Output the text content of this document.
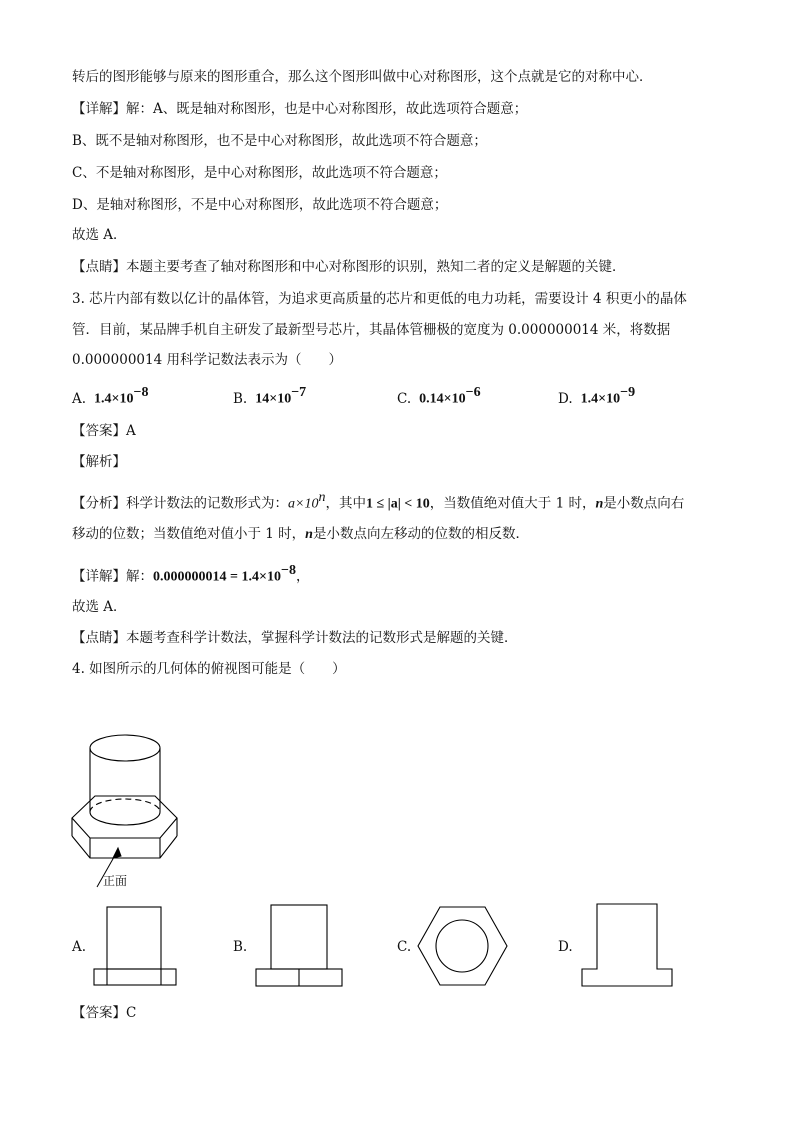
转后的图形能够与原来的图形重合，那么这个图形叫做中心对称图形，这个点就是它的对称中心．
【详解】解：A、既是轴对称图形，也是中心对称图形，故此选项符合题意；
B、既不是轴对称图形，也不是中心对称图形，故此选项不符合题意；
C、不是轴对称图形，是中心对称图形，故此选项不符合题意；
D、是轴对称图形，不是中心对称图形，故此选项不符合题意；
故选 A．
【点睛】本题主要考查了轴对称图形和中心对称图形的识别，熟知二者的定义是解题的关键．
3. 芯片内部有数以亿计的晶体管，为追求更高质量的芯片和更低的电力功耗，需要设计 4 积更小的晶体
管．目前，某品牌手机自主研发了最新型号芯片，其晶体管栅极的宽度为 0.000000014 米，将数据
0.000000014 用科学记数法表示为（　　）
A. $1.4\times 10^{-8}$	B. $14\times 10^{-7}$	C. $0.14\times 10^{-6}$	D. $1.4\times 10^{-9}$
【答案】A
【解析】
【分析】科学计数法的记数形式为：$a\times 10^n$，其中1 ≤ |a| < 10，当数值绝对值大于 1 时，n是小数点向右
移动的位数；当数值绝对值小于 1 时，n是小数点向左移动的位数的相反数．
【详解】解：$0.000000014 = 1.4\times 10^{-8}$，
故选 A．
【点睛】本题考查科学计数法，掌握科学计数法的记数形式是解题的关键．
4. 如图所示的几何体的俯视图可能是（　　）
正面
A.	B.	C.	D.
【答案】C
